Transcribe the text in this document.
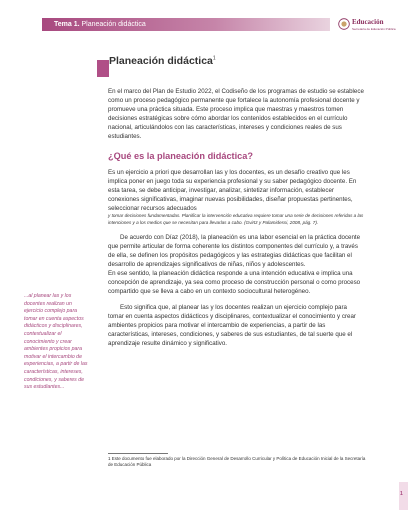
Tema 1. Planeación didáctica	Educación
Secretaría de Educación Pública
Planeación didáctica$^1$

En el marco del Plan de Estudio 2022, el Codiseño de los programas de estudio se establece como un proceso pedagógico permanente que fortalece la autonomía profesional docente y promueve una práctica situada. Este proceso implica que maestras y maestros tomen decisiones estratégicas sobre cómo abordar los contenidos establecidos en el currículo nacional, articulándolos con las características, intereses y condiciones reales de sus estudiantes.

¿Qué es la planeación didáctica?

Es un ejercicio a priori que desarrollan las y los docentes, es un desafío creativo que les implica poner en juego toda su experiencia profesional y su saber pedagógico docente. En esta tarea, se debe anticipar, investigar, analizar, sintetizar información, establecer conexiones significativas, imaginar nuevas posibilidades, diseñar propuestas pertinentes, seleccionar recursos adecuados

y tomar decisiones fundamentadas. Planificar la intervención educativa requiere tomar una serie de decisiones referidas a las intenciones y a los medios que se necesitan para llevarlas a cabo. (Gvirtz y Palamidessi, 2008, pág. 7).

De acuerdo con Díaz (2018), la planeación es una labor esencial en la práctica docente que permite articular de forma coherente los distintos componentes del currículo y, a través de ella, se definen los propósitos pedagógicos y las estrategias didácticas que facilitan el desarrollo de aprendizajes significativos de niñas, niños y adolescentes.

En ese sentido, la planeación didáctica responde a una intención educativa e implica una concepción de aprendizaje, ya sea como proceso de construcción personal o como proceso compartido que se lleva a cabo en un contexto sociocultural heterogéneo.

Esto significa que, al planear las y los docentes realizan un ejercicio complejo para tomar en cuenta aspectos didácticos y disciplinares, contextualizar el conocimiento y crear ambientes propicios para motivar el intercambio de experiencias, a partir de las características, intereses, condiciones, y saberes de sus estudiantes, de tal suerte que el aprendizaje resulte dinámico y significativo.

...al planear las y los docentes realizan un ejercicio complejo para tomar en cuenta aspectos didácticos y disciplinares, contextualizar el conocimiento y crear ambientes propicios para motivar el intercambio de experiencias, a partir de las características, intereses, condiciones, y saberes de sus estudiantes...
1 Este documento fue elaborado por la Dirección General de Desarrollo Curricular y Política de Educación Inicial de la Secretaría de Educación Pública
1
